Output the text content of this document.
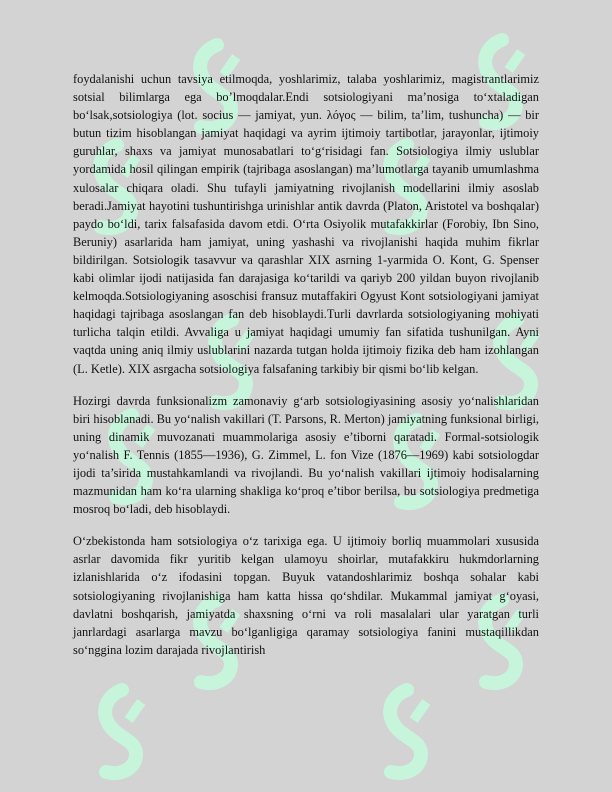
foydalanishi uchun tavsiya etilmoqda, yoshlarimiz, talaba yoshlarimiz, magistrantlarimiz sotsial bilimlarga ega bo’lmoqdalar.Endi sotsiologiyani ma’nosiga to‘xtaladigan bo‘lsak,sotsiologiya (lot. socius — jamiyat, yun. λόγος — bilim, ta’lim, tushuncha) — bir butun tizim hisoblangan jamiyat haqidagi va ayrim ijtimoiy tartibotlar, jarayonlar, ijtimoiy guruhlar, shaxs va jamiyat munosabatlari to‘g‘risidagi fan. Sotsiologiya ilmiy uslublar yordamida hosil qilingan empirik (tajribaga asoslangan) ma’lumotlarga tayanib umumlashma xulosalar chiqara oladi. Shu tufayli jamiyatning rivojlanish modellarini ilmiy asoslab beradi.Jamiyat hayotini tushuntirishga urinishlar antik davrda (Platon, Aristotel va boshqalar) paydo bo‘ldi, tarix falsafasida davom etdi. O‘rta Osiyolik mutafakkirlar (Forobiy, Ibn Sino, Beruniy) asarlarida ham jamiyat, uning yashashi va rivojlanishi haqida muhim fikrlar bildirilgan. Sotsiologik tasavvur va qarashlar XIX asrning 1-yarmida O. Kont, G. Spenser kabi olimlar ijodi natijasida fan darajasiga ko‘tarildi va qariyb 200 yildan buyon rivojlanib kelmoqda.Sotsiologiyaning asoschisi fransuz mutaffakiri Ogyust Kont sotsiologiyani jamiyat haqidagi tajribaga asoslangan fan deb hisoblaydi.Turli davrlarda sotsiologiyaning mohiyati turlicha talqin etildi. Avvaliga u jamiyat haqidagi umumiy fan sifatida tushunilgan. Ayni vaqtda uning aniq ilmiy uslublarini nazarda tutgan holda ijtimoiy fizika deb ham izohlangan (L. Ketle). XIX asrgacha sotsiologiya falsafaning tarkibiy bir qismi bo‘lib kelgan.

Hozirgi davrda funksionalizm zamonaviy g‘arb sotsiologiyasining asosiy yo‘nalishlaridan biri hisoblanadi. Bu yo‘nalish vakillari (T. Parsons, R. Merton) jamiyatning funksional birligi, uning dinamik muvozanati muammolariga asosiy e’tiborni qaratadi. Formal-sotsiologik yo‘nalish F. Tennis (1855—1936), G. Zimmel, L. fon Vize (1876—1969) kabi sotsiologdar ijodi ta’sirida mustahkamlandi va rivojlandi. Bu yo‘nalish vakillari ijtimoiy hodisalarning mazmunidan ham ko‘ra ularning shakliga ko‘proq e’tibor berilsa, bu sotsiologiya predmetiga mosroq bo‘ladi, deb hisoblaydi.

O‘zbekistonda ham sotsiologiya o‘z tarixiga ega. U ijtimoiy borliq muammolari xususida asrlar davomida fikr yuritib kelgan ulamoyu shoirlar, mutafakkiru hukmdorlarning izlanishlarida o‘z ifodasini topgan. Buyuk vatandoshlarimiz boshqa sohalar kabi sotsiologiyaning rivojlanishiga ham katta hissa qo‘shdilar. Mukammal jamiyat g‘oyasi, davlatni boshqarish, jamiyatda shaxsning o‘rni va roli masalalari ular yaratgan turli janrlardagi asarlarga mavzu bo‘lganligiga qaramay sotsiologiya fanini mustaqillikdan so‘nggina lozim darajada rivojlantirish
